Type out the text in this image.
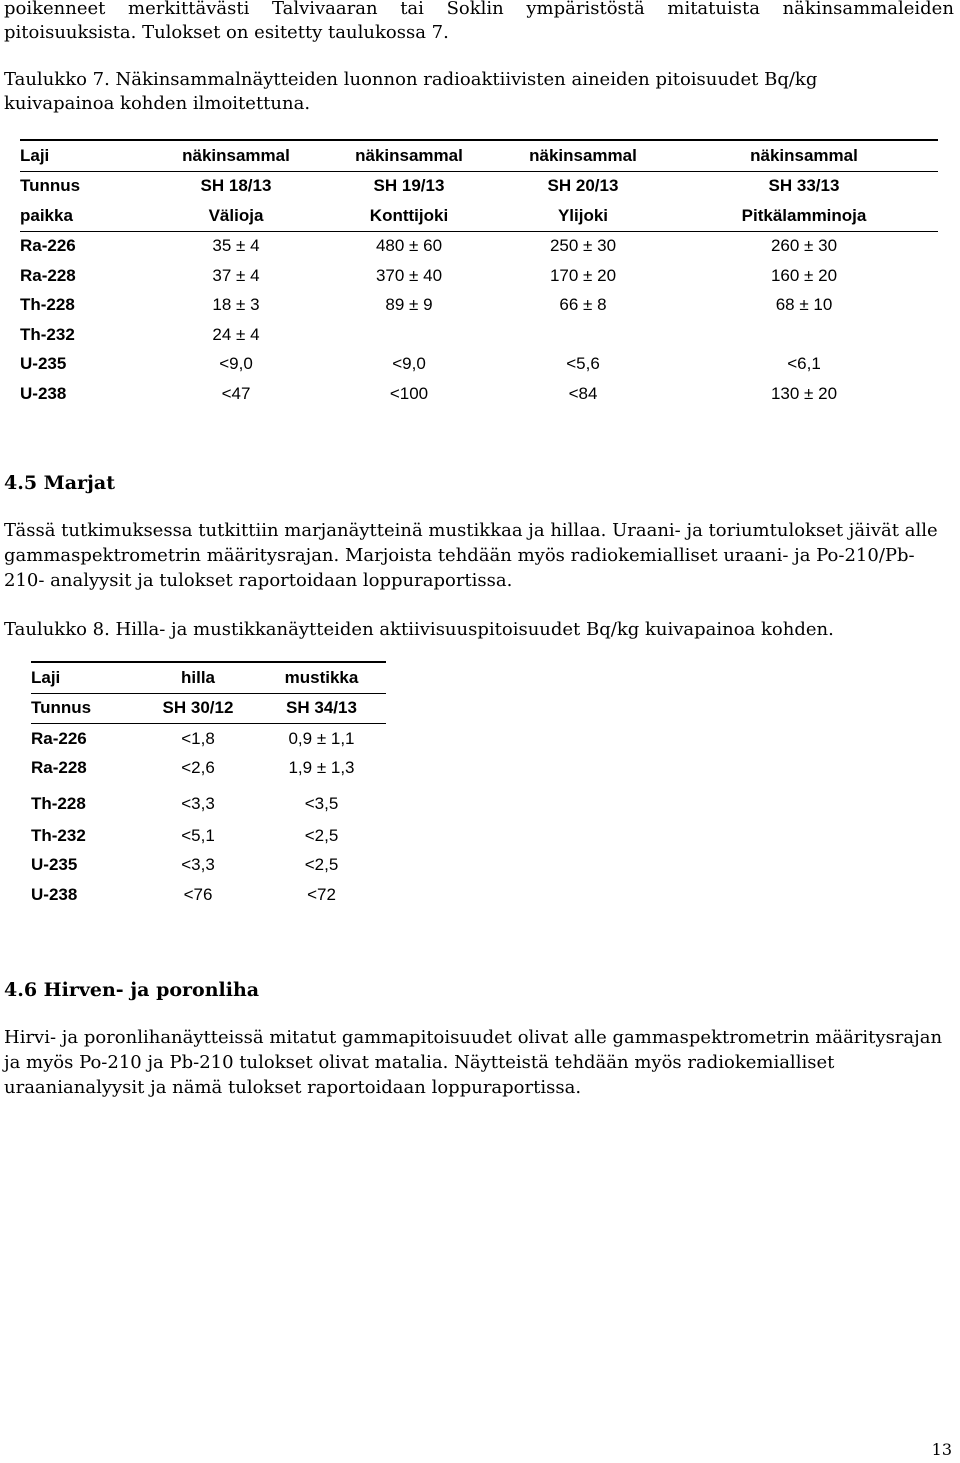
poikenneet merkittävästi Talvivaaran tai Soklin ympäristöstä mitatuista näkinsammaleiden

pitoisuuksista. Tulokset on esitetty taulukossa 7.

Taulukko 7. Näkinsammalnäytteiden luonnon radioaktiivisten aineiden pitoisuudet Bq/kg

kuivapainoa kohden ilmoitettuna.

Laji	näkinsammal	näkinsammal	näkinsammal	näkinsammal
Tunnus	SH 18/13	SH 19/13	SH 20/13	SH 33/13
paikka	Välioja	Konttijoki	Ylijoki	Pitkälamminoja
Ra-226	35 ± 4	480 ± 60	250 ± 30	260 ± 30
Ra-228	37 ± 4	370 ± 40	170 ± 20	160 ± 20
Th-228	18 ± 3	89 ± 9	66 ± 8	68 ± 10
Th-232	24 ± 4			
U-235	<9,0	<9,0	<5,6	<6,1
U-238	<47	<100	<84	130 ± 20
4.5 Marjat

Tässä tutkimuksessa tutkittiin marjanäytteinä mustikkaa ja hillaa. Uraani- ja toriumtulokset jäivät alle

gammaspektrometrin määritysrajan. Marjoista tehdään myös radiokemialliset uraani- ja Po-210/Pb-

210- analyysit ja tulokset raportoidaan loppuraportissa.

Taulukko 8. Hilla- ja mustikkanäytteiden aktiivisuuspitoisuudet Bq/kg kuivapainoa kohden.

Laji	hilla	mustikka
Tunnus	SH 30/12	SH 34/13
Ra-226	<1,8	0,9 ± 1,1
Ra-228	<2,6	1,9 ± 1,3
Th-228	<3,3	<3,5
Th-232	<5,1	<2,5
U-235	<3,3	<2,5
U-238	<76	<72
4.6 Hirven- ja poronliha

Hirvi- ja poronlihanäytteissä mitatut gammapitoisuudet olivat alle gammaspektrometrin määritysrajan

ja myös Po-210 ja Pb-210 tulokset olivat matalia. Näytteistä tehdään myös radiokemialliset

uraanianalyysit ja nämä tulokset raportoidaan loppuraportissa.

13
